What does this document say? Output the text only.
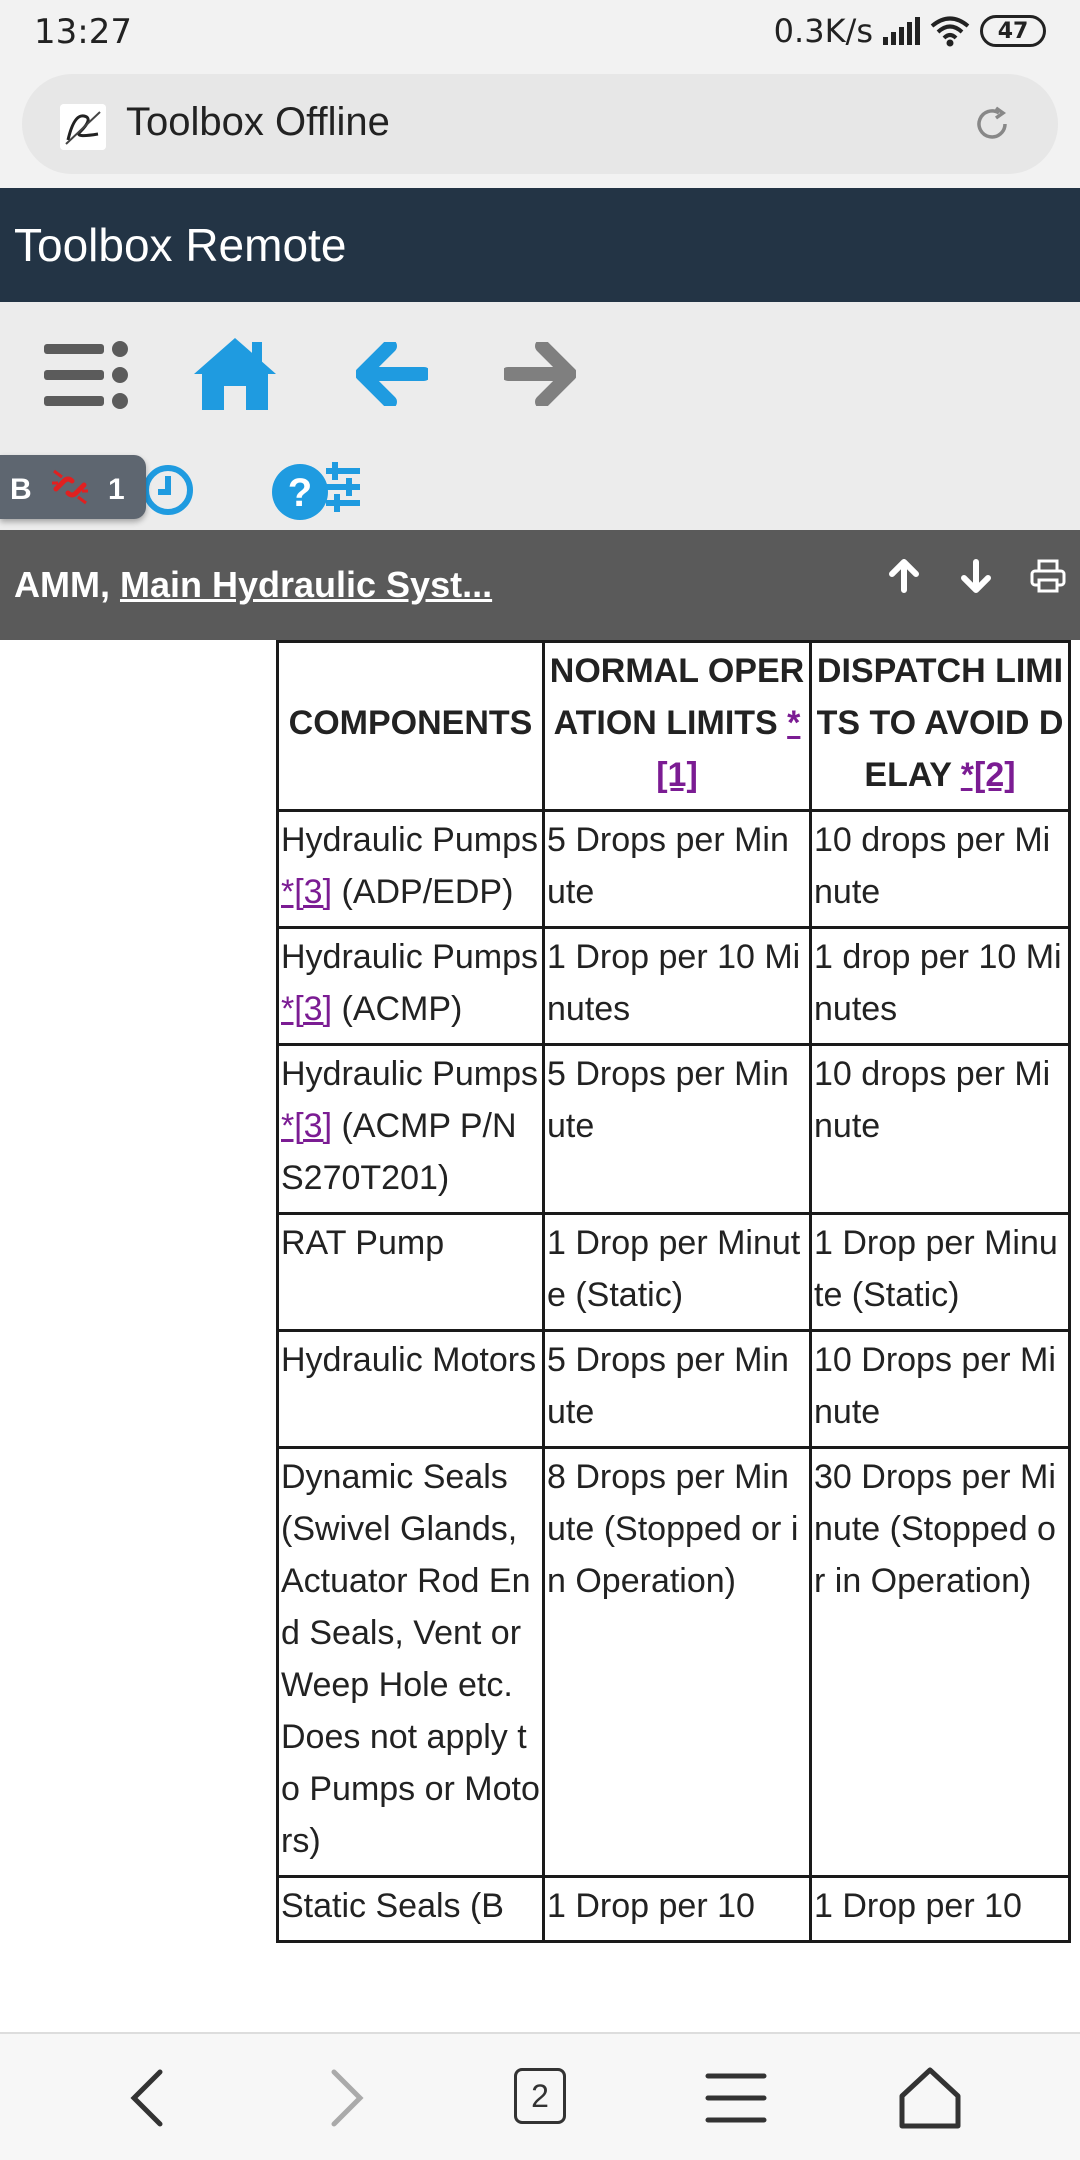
13:27	0.3K/s	47
Toolbox Offline
Toolbox Remote
?
B	1
AMM, Main Hydraulic Syst...
COMPONENTS	NORMAL OPERATION LIMITS *[1]	DISPATCH LIMITS TO AVOID DELAY *[2]
Hydraulic Pumps *[3] (ADP/EDP)	5 Drops per Minute	10 drops per Minute
Hydraulic Pumps *[3] (ACMP)	1 Drop per 10 Minutes	1 drop per 10 Minutes
Hydraulic Pumps *[3] (ACMP P/N S270T201)	5 Drops per Minute	10 drops per Minute
RAT Pump	1 Drop per Minute (Static)	1 Drop per Minute (Static)
Hydraulic Motors	5 Drops per Minute	10 Drops per Minute
Dynamic Seals (Swivel Glands, Actuator Rod End Seals, Vent or Weep Hole etc. Does not apply to Pumps or Motors)	8 Drops per Minute (Stopped or in Operation)	30 Drops per Minute (Stopped or in Operation)
Static Seals (B	1 Drop per 10	1 Drop per 10
2
